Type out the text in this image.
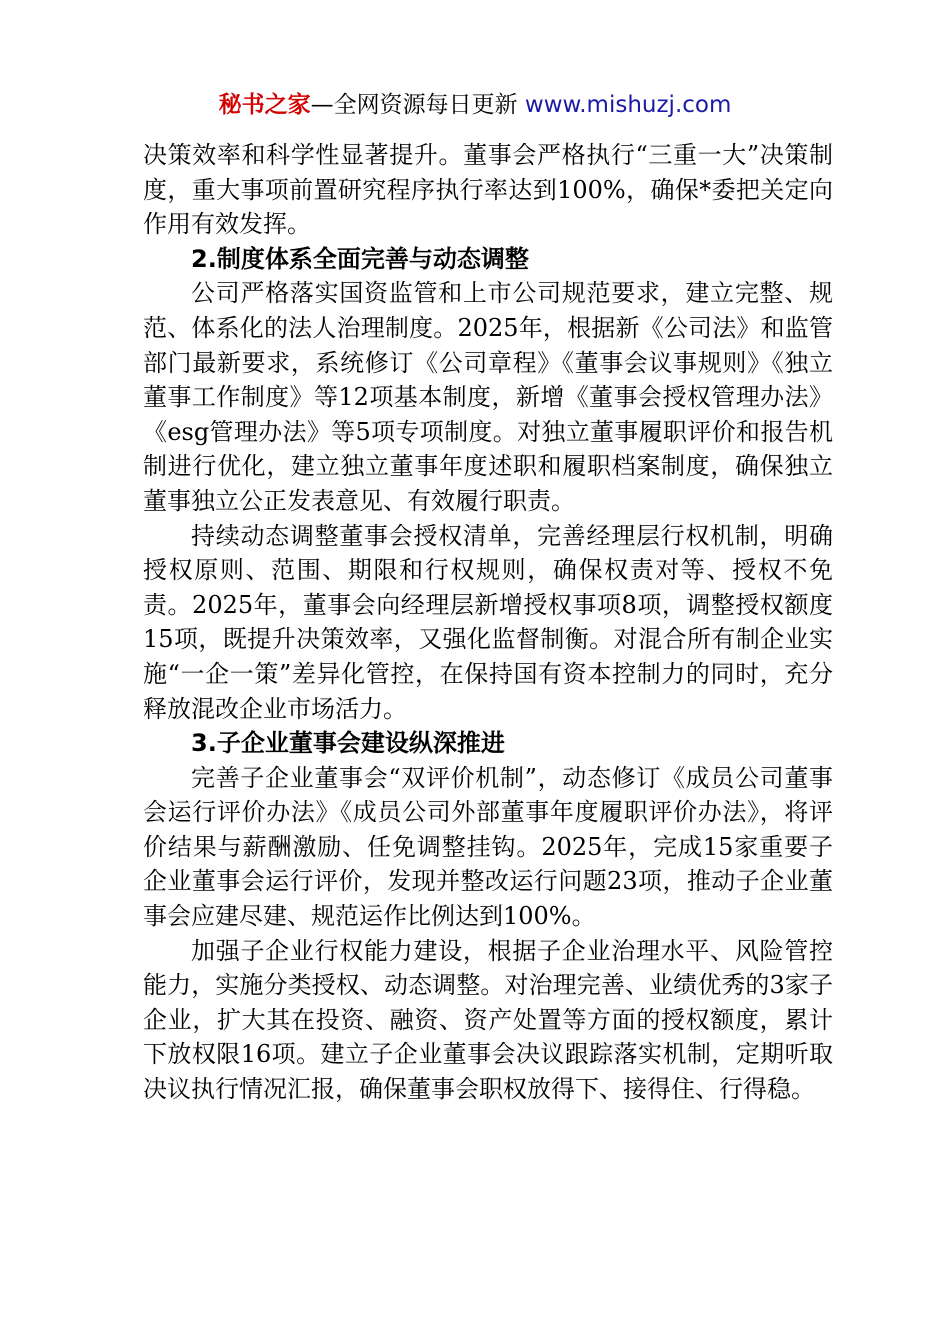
秘书之家—全网资源每日更新 www.mishuzj.com

决策效率和科学性显著提升。董事会严格执行“三重一大”决策制度，重大事项前置研究程序执行率达到100%，确保*委把关定向作用有效发挥。

2.制度体系全面完善与动态调整

公司严格落实国资监管和上市公司规范要求，建立完整、规范、体系化的法人治理制度。2025年，根据新《公司法》和监管部门最新要求，系统修订《公司章程》《董事会议事规则》《独立董事工作制度》等12项基本制度，新增《董事会授权管理办法》《esg管理办法》等5项专项制度。对独立董事履职评价和报告机制进行优化，建立独立董事年度述职和履职档案制度，确保独立董事独立公正发表意见、有效履行职责。

持续动态调整董事会授权清单，完善经理层行权机制，明确授权原则、范围、期限和行权规则，确保权责对等、授权不免责。2025年，董事会向经理层新增授权事项8项，调整授权额度15项，既提升决策效率，又强化监督制衡。对混合所有制企业实施“一企一策”差异化管控，在保持国有资本控制力的同时，充分释放混改企业市场活力。

3.子企业董事会建设纵深推进

完善子企业董事会“双评价机制”，动态修订《成员公司董事会运行评价办法》《成员公司外部董事年度履职评价办法》，将评价结果与薪酬激励、任免调整挂钩。2025年，完成15家重要子企业董事会运行评价，发现并整改运行问题23项，推动子企业董事会应建尽建、规范运作比例达到100%。

加强子企业行权能力建设，根据子企业治理水平、风险管控能力，实施分类授权、动态调整。对治理完善、业绩优秀的3家子企业，扩大其在投资、融资、资产处置等方面的授权额度，累计下放权限16项。建立子企业董事会决议跟踪落实机制，定期听取决议执行情况汇报，确保董事会职权放得下、接得住、行得稳。
